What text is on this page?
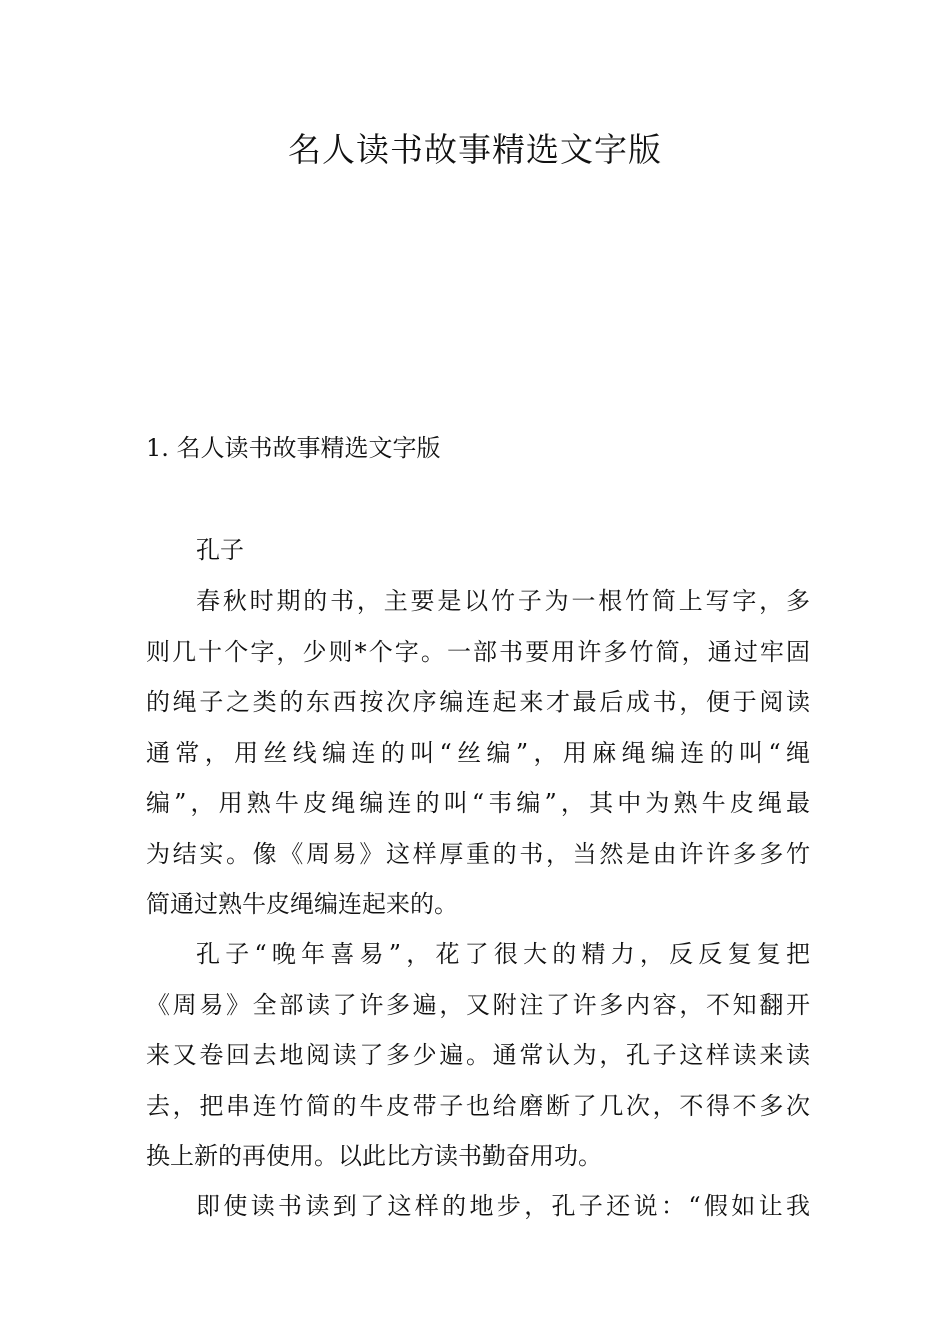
名人读书故事精选文字版
1. 名人读书故事精选文字版
孔子
春秋时期的书，主要是以竹子为一根竹简上写字，多
则几十个字，少则*个字。一部书要用许多竹简，通过牢固
的绳子之类的东西按次序编连起来才最后成书，便于阅读
通常，用丝线编连的叫“丝编”，用麻绳编连的叫“绳
编”，用熟牛皮绳编连的叫“韦编”，其中为熟牛皮绳最
为结实。像《周易》这样厚重的书，当然是由许许多多竹
简通过熟牛皮绳编连起来的。
孔子“晚年喜易”，花了很大的精力，反反复复把
《周易》全部读了许多遍，又附注了许多内容，不知翻开
来又卷回去地阅读了多少遍。通常认为，孔子这样读来读
去，把串连竹简的牛皮带子也给磨断了几次，不得不多次
换上新的再使用。以此比方读书勤奋用功。
即使读书读到了这样的地步，孔子还说：“假如让我
